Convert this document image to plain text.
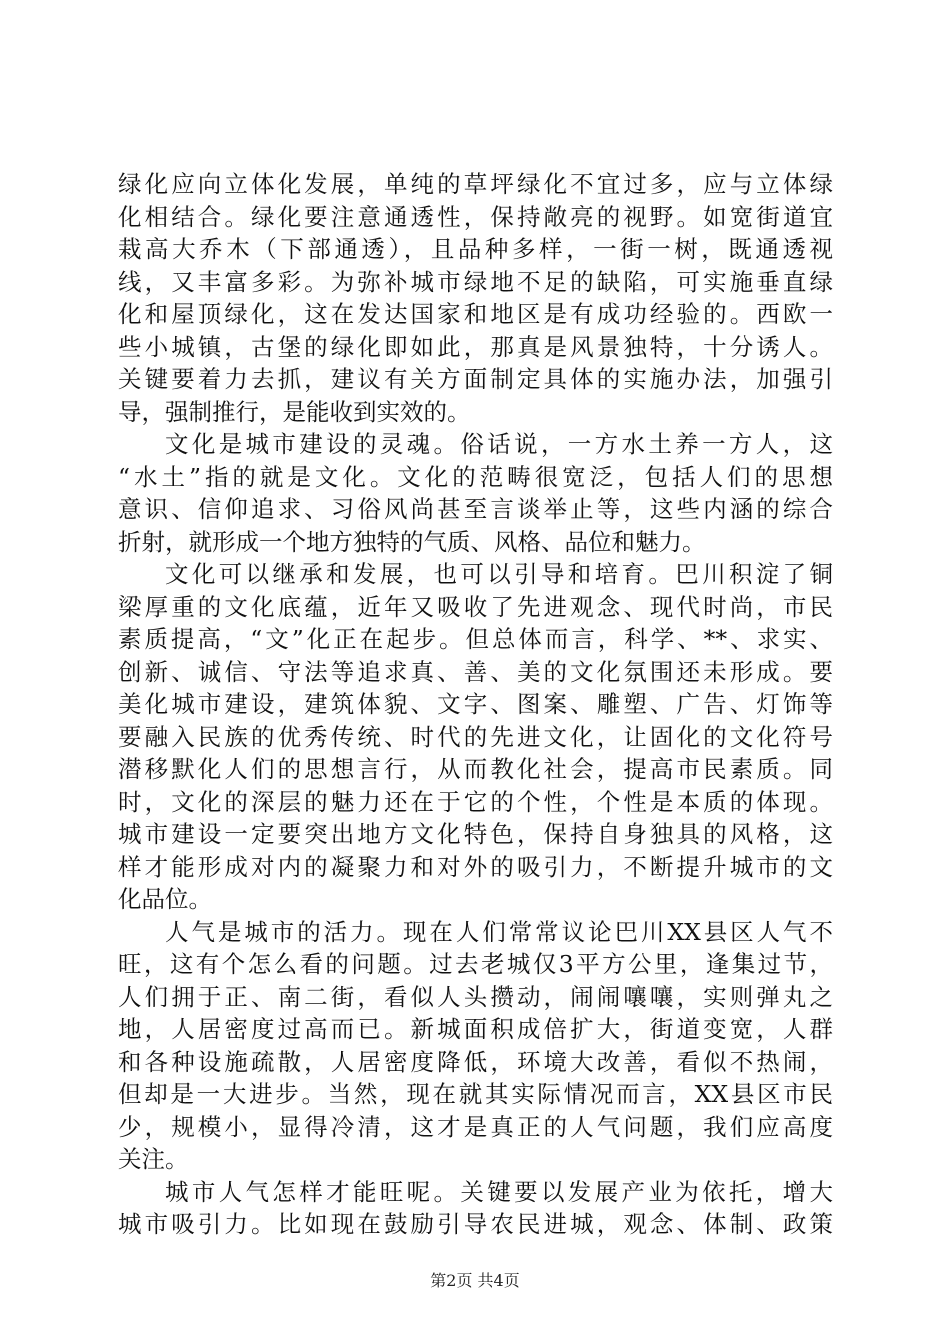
绿化应向立体化发展，单纯的草坪绿化不宜过多，应与立体绿
化相结合。绿化要注意通透性，保持敞亮的视野。如宽街道宜
栽高大乔木（下部通透），且品种多样，一街一树，既通透视
线，又丰富多彩。为弥补城市绿地不足的缺陷，可实施垂直绿
化和屋顶绿化，这在发达国家和地区是有成功经验的。西欧一
些小城镇，古堡的绿化即如此，那真是风景独特，十分诱人。
关键要着力去抓，建议有关方面制定具体的实施办法，加强引
导，强制推行，是能收到实效的。
文化是城市建设的灵魂。俗话说，一方水土养一方人，这
“水土”指的就是文化。文化的范畴很宽泛，包括人们的思想
意识、信仰追求、习俗风尚甚至言谈举止等，这些内涵的综合
折射，就形成一个地方独特的气质、风格、品位和魅力。
文化可以继承和发展，也可以引导和培育。巴川积淀了铜
梁厚重的文化底蕴，近年又吸收了先进观念、现代时尚，市民
素质提高，“文”化正在起步。但总体而言，科学、**、求实、
创新、诚信、守法等追求真、善、美的文化氛围还未形成。要
美化城市建设，建筑体貌、文字、图案、雕塑、广告、灯饰等
要融入民族的优秀传统、时代的先进文化，让固化的文化符号
潜移默化人们的思想言行，从而教化社会，提高市民素质。同
时，文化的深层的魅力还在于它的个性，个性是本质的体现。
城市建设一定要突出地方文化特色，保持自身独具的风格，这
样才能形成对内的凝聚力和对外的吸引力，不断提升城市的文
化品位。
人气是城市的活力。现在人们常常议论巴川XX县区人气不
旺，这有个怎么看的问题。过去老城仅3平方公里，逢集过节，
人们拥于正、南二街，看似人头攒动，闹闹嚷嚷，实则弹丸之
地，人居密度过高而已。新城面积成倍扩大，街道变宽，人群
和各种设施疏散，人居密度降低，环境大改善，看似不热闹，
但却是一大进步。当然，现在就其实际情况而言，XX县区市民
少，规模小，显得冷清，这才是真正的人气问题，我们应高度
关注。
城市人气怎样才能旺呢。关键要以发展产业为依托，增大
城市吸引力。比如现在鼓励引导农民进城，观念、体制、政策
第2页 共4页
